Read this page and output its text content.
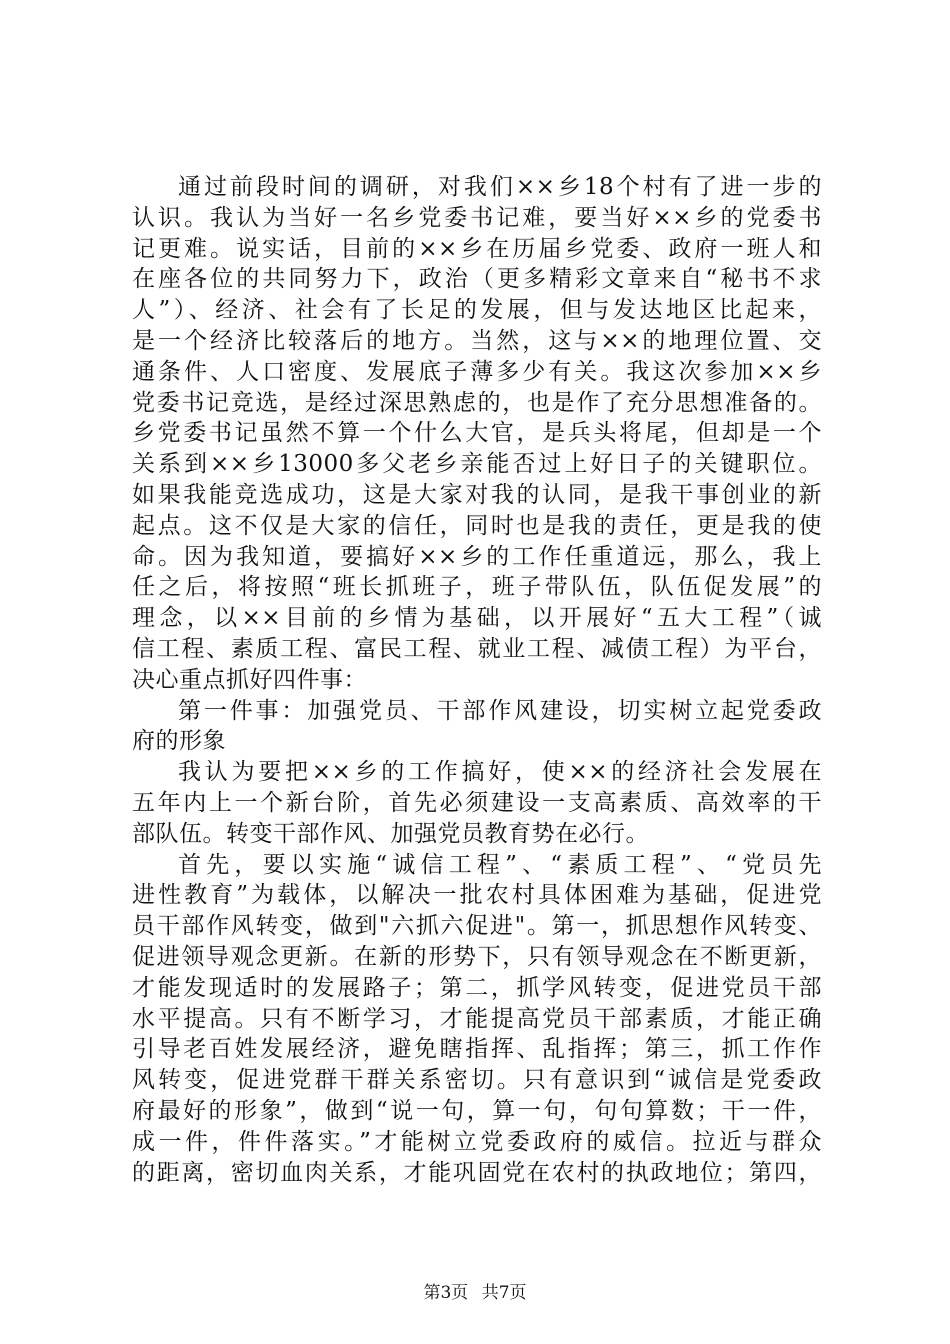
通过前段时间的调研，对我们××乡18个村有了进一步的
认识。我认为当好一名乡党委书记难，要当好××乡的党委书
记更难。说实话，目前的××乡在历届乡党委、政府一班人和
在座各位的共同努力下，政治（更多精彩文章来自“秘书不求
人”）、经济、社会有了长足的发展，但与发达地区比起来，
是一个经济比较落后的地方。当然，这与××的地理位置、交
通条件、人口密度、发展底子薄多少有关。我这次参加××乡
党委书记竞选，是经过深思熟虑的，也是作了充分思想准备的。
乡党委书记虽然不算一个什么大官，是兵头将尾，但却是一个
关系到××乡13000多父老乡亲能否过上好日子的关键职位。
如果我能竞选成功，这是大家对我的认同，是我干事创业的新
起点。这不仅是大家的信任，同时也是我的责任，更是我的使
命。因为我知道，要搞好××乡的工作任重道远，那么，我上
任之后，将按照“班长抓班子，班子带队伍，队伍促发展”的
理念，以××目前的乡情为基础，以开展好“五大工程”（诚
信工程、素质工程、富民工程、就业工程、减债工程）为平台，
决心重点抓好四件事：
第一件事：加强党员、干部作风建设，切实树立起党委政
府的形象
我认为要把××乡的工作搞好，使××的经济社会发展在
五年内上一个新台阶，首先必须建设一支高素质、高效率的干
部队伍。转变干部作风、加强党员教育势在必行。
首先，要以实施“诚信工程”、“素质工程”、“党员先
进性教育”为载体，以解决一批农村具体困难为基础，促进党
员干部作风转变，做到"六抓六促进"。第一，抓思想作风转变、
促进领导观念更新。在新的形势下，只有领导观念在不断更新，
才能发现适时的发展路子；第二，抓学风转变，促进党员干部
水平提高。只有不断学习，才能提高党员干部素质，才能正确
引导老百姓发展经济，避免瞎指挥、乱指挥；第三，抓工作作
风转变，促进党群干群关系密切。只有意识到“诚信是党委政
府最好的形象”，做到“说一句，算一句，句句算数；干一件，
成一件，件件落实。”才能树立党委政府的威信。拉近与群众
的距离，密切血肉关系，才能巩固党在农村的执政地位；第四，
第3页 共7页
